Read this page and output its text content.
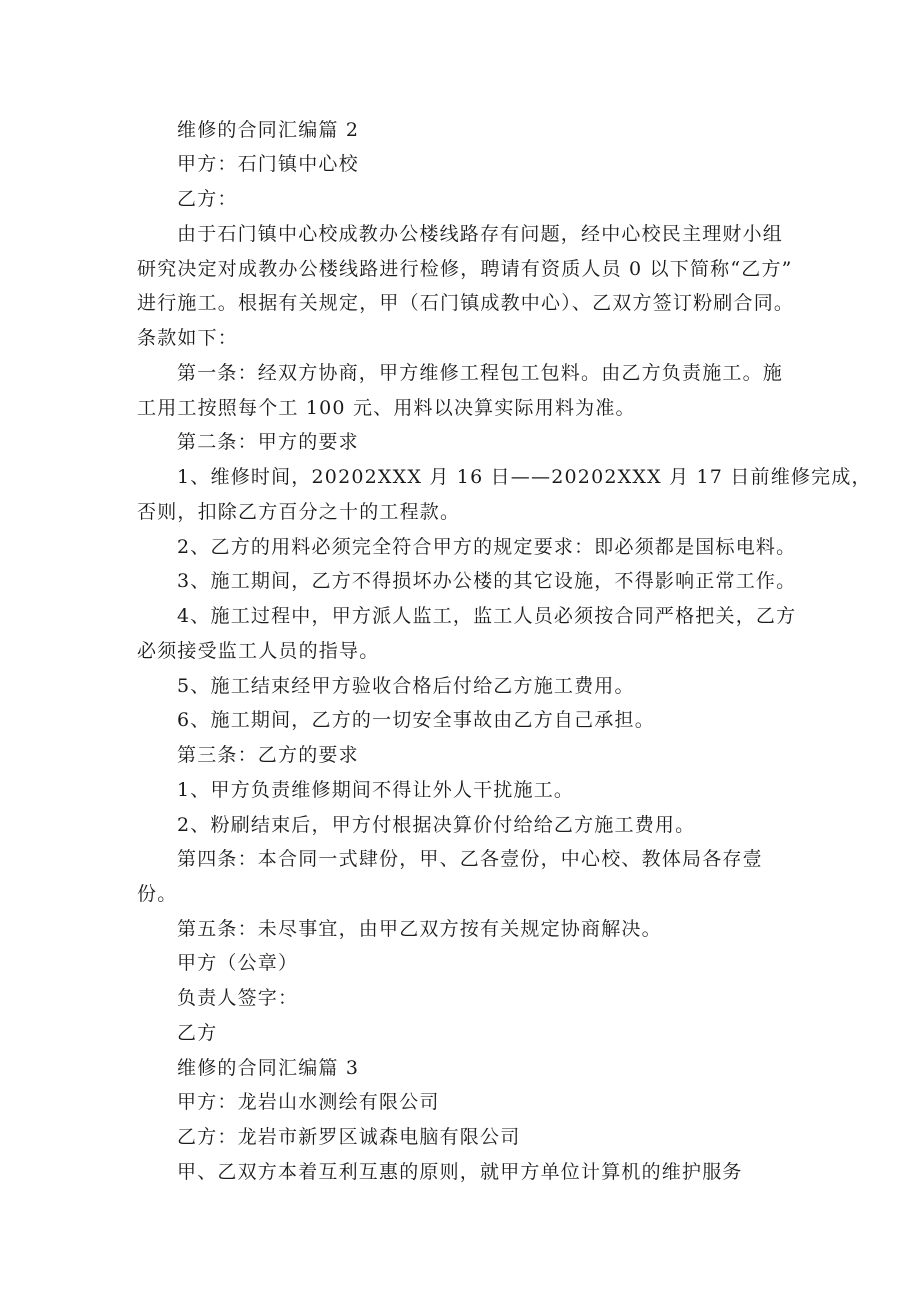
维修的合同汇编篇 2
甲方：石门镇中心校
乙方：
由于石门镇中心校成教办公楼线路存有问题，经中心校民主理财小组
研究决定对成教办公楼线路进行检修，聘请有资质人员 0 以下简称“乙方”
进行施工。根据有关规定，甲（石门镇成教中心）、乙双方签订粉刷合同。
条款如下：
第一条：经双方协商，甲方维修工程包工包料。由乙方负责施工。施
工用工按照每个工 100 元、用料以决算实际用料为准。
第二条：甲方的要求
1、维修时间，20202XXX 月 16 日——20202XXX 月 17 日前维修完成，
否则，扣除乙方百分之十的工程款。
2、乙方的用料必须完全符合甲方的规定要求：即必须都是国标电料。
3、施工期间，乙方不得损坏办公楼的其它设施，不得影响正常工作。
4、施工过程中，甲方派人监工，监工人员必须按合同严格把关，乙方
必须接受监工人员的指导。
5、施工结束经甲方验收合格后付给乙方施工费用。
6、施工期间，乙方的一切安全事故由乙方自己承担。
第三条：乙方的要求
1、甲方负责维修期间不得让外人干扰施工。
2、粉刷结束后，甲方付根据决算价付给给乙方施工费用。
第四条：本合同一式肆份，甲、乙各壹份，中心校、教体局各存壹
份。
第五条：未尽事宜，由甲乙双方按有关规定协商解决。
甲方（公章）
负责人签字：
乙方
维修的合同汇编篇 3
甲方：龙岩山水测绘有限公司
乙方：龙岩市新罗区诚森电脑有限公司
甲、乙双方本着互利互惠的原则，就甲方单位计算机的维护服务
